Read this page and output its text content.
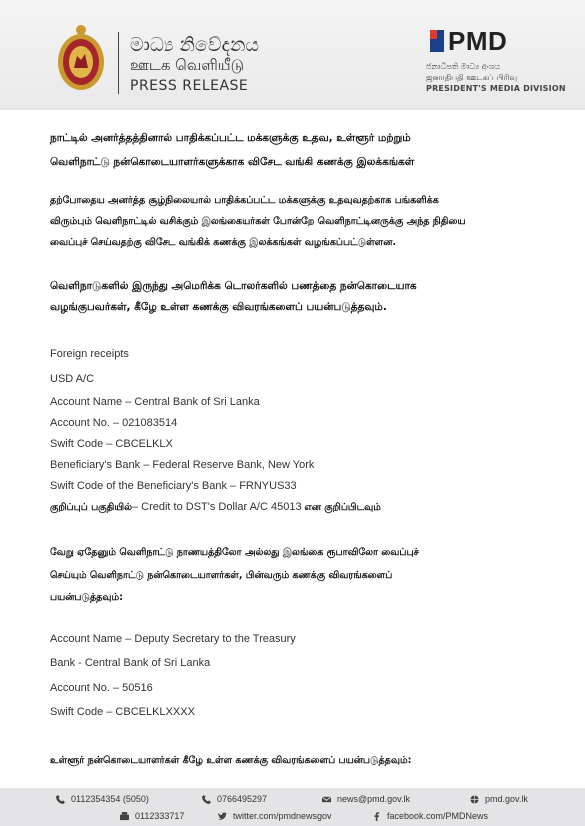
මාධ්‍ය නිවේදනය
ஊடக வெளியீடு
PRESS RELEASE
PMD
ජනාධිපති මාධ්‍ය අංශය
ஜனாதிபதி ஊடகப் பிரிவு
PRESIDENT'S MEDIA DIVISION
நாட்டில் அனர்த்தத்தினால் பாதிக்கப்பட்ட மக்களுக்கு உதவ, உள்ளூர் மற்றும்
வெளிநாட்டு நன்கொடையாளர்களுக்காக விசேட வங்கி கணக்கு இலக்கங்கள்
தற்போதைய அனர்த்த சூழ்நிலையால் பாதிக்கப்பட்ட மக்களுக்கு உதவுவதற்காக பங்களிக்க
விரும்பும் வெளிநாட்டில் வசிக்கும் இலங்கையர்கள் போன்றே வெளிநாட்டினருக்கு அந்த நிதியை
வைப்புச் செய்வதற்கு விசேட வங்கிக் கணக்கு இலக்கங்கள் வழங்கப்பட்டுள்ளன.
வெளிநாடுகளில் இருந்து அமெரிக்க டொலர்களில் பணத்தை நன்கொடையாக
வழங்குபவர்கள், கீழே உள்ள கணக்கு விவரங்களைப் பயன்படுத்தவும்.
Foreign receipts
USD A/C
Account Name – Central Bank of Sri Lanka
Account No. – 021083514
Swift Code – CBCELKLX
Beneficiary's Bank – Federal Reserve Bank, New York
Swift Code of the Beneficiary's Bank – FRNYUS33
குறிப்புப் பகுதியில்– Credit to DST's Dollar A/C 45013 என குறிப்பிடவும்
வேறு ஏதேனும் வெளிநாட்டு நாணயத்திலோ அல்லது இலங்கை ரூபாவிலோ வைப்புச்
செய்யும் வெளிநாட்டு நன்கொடையாளர்கள், பின்வரும் கணக்கு விவரங்களைப்
பயன்படுத்தவும்:
Account Name – Deputy Secretary to the Treasury
Bank - Central Bank of Sri Lanka
Account No. – 50516
Swift Code – CBCELKLXXXX
உள்ளூர் நன்கொடையாளர்கள் கீழே உள்ள கணக்கு விவரங்களைப் பயன்படுத்தவும்:
0112354354 (5050)	0766495297	news@pmd.gov.lk	pmd.gov.lk
0112333717	twitter.com/pmdnewsgov	facebook.com/PMDNews
